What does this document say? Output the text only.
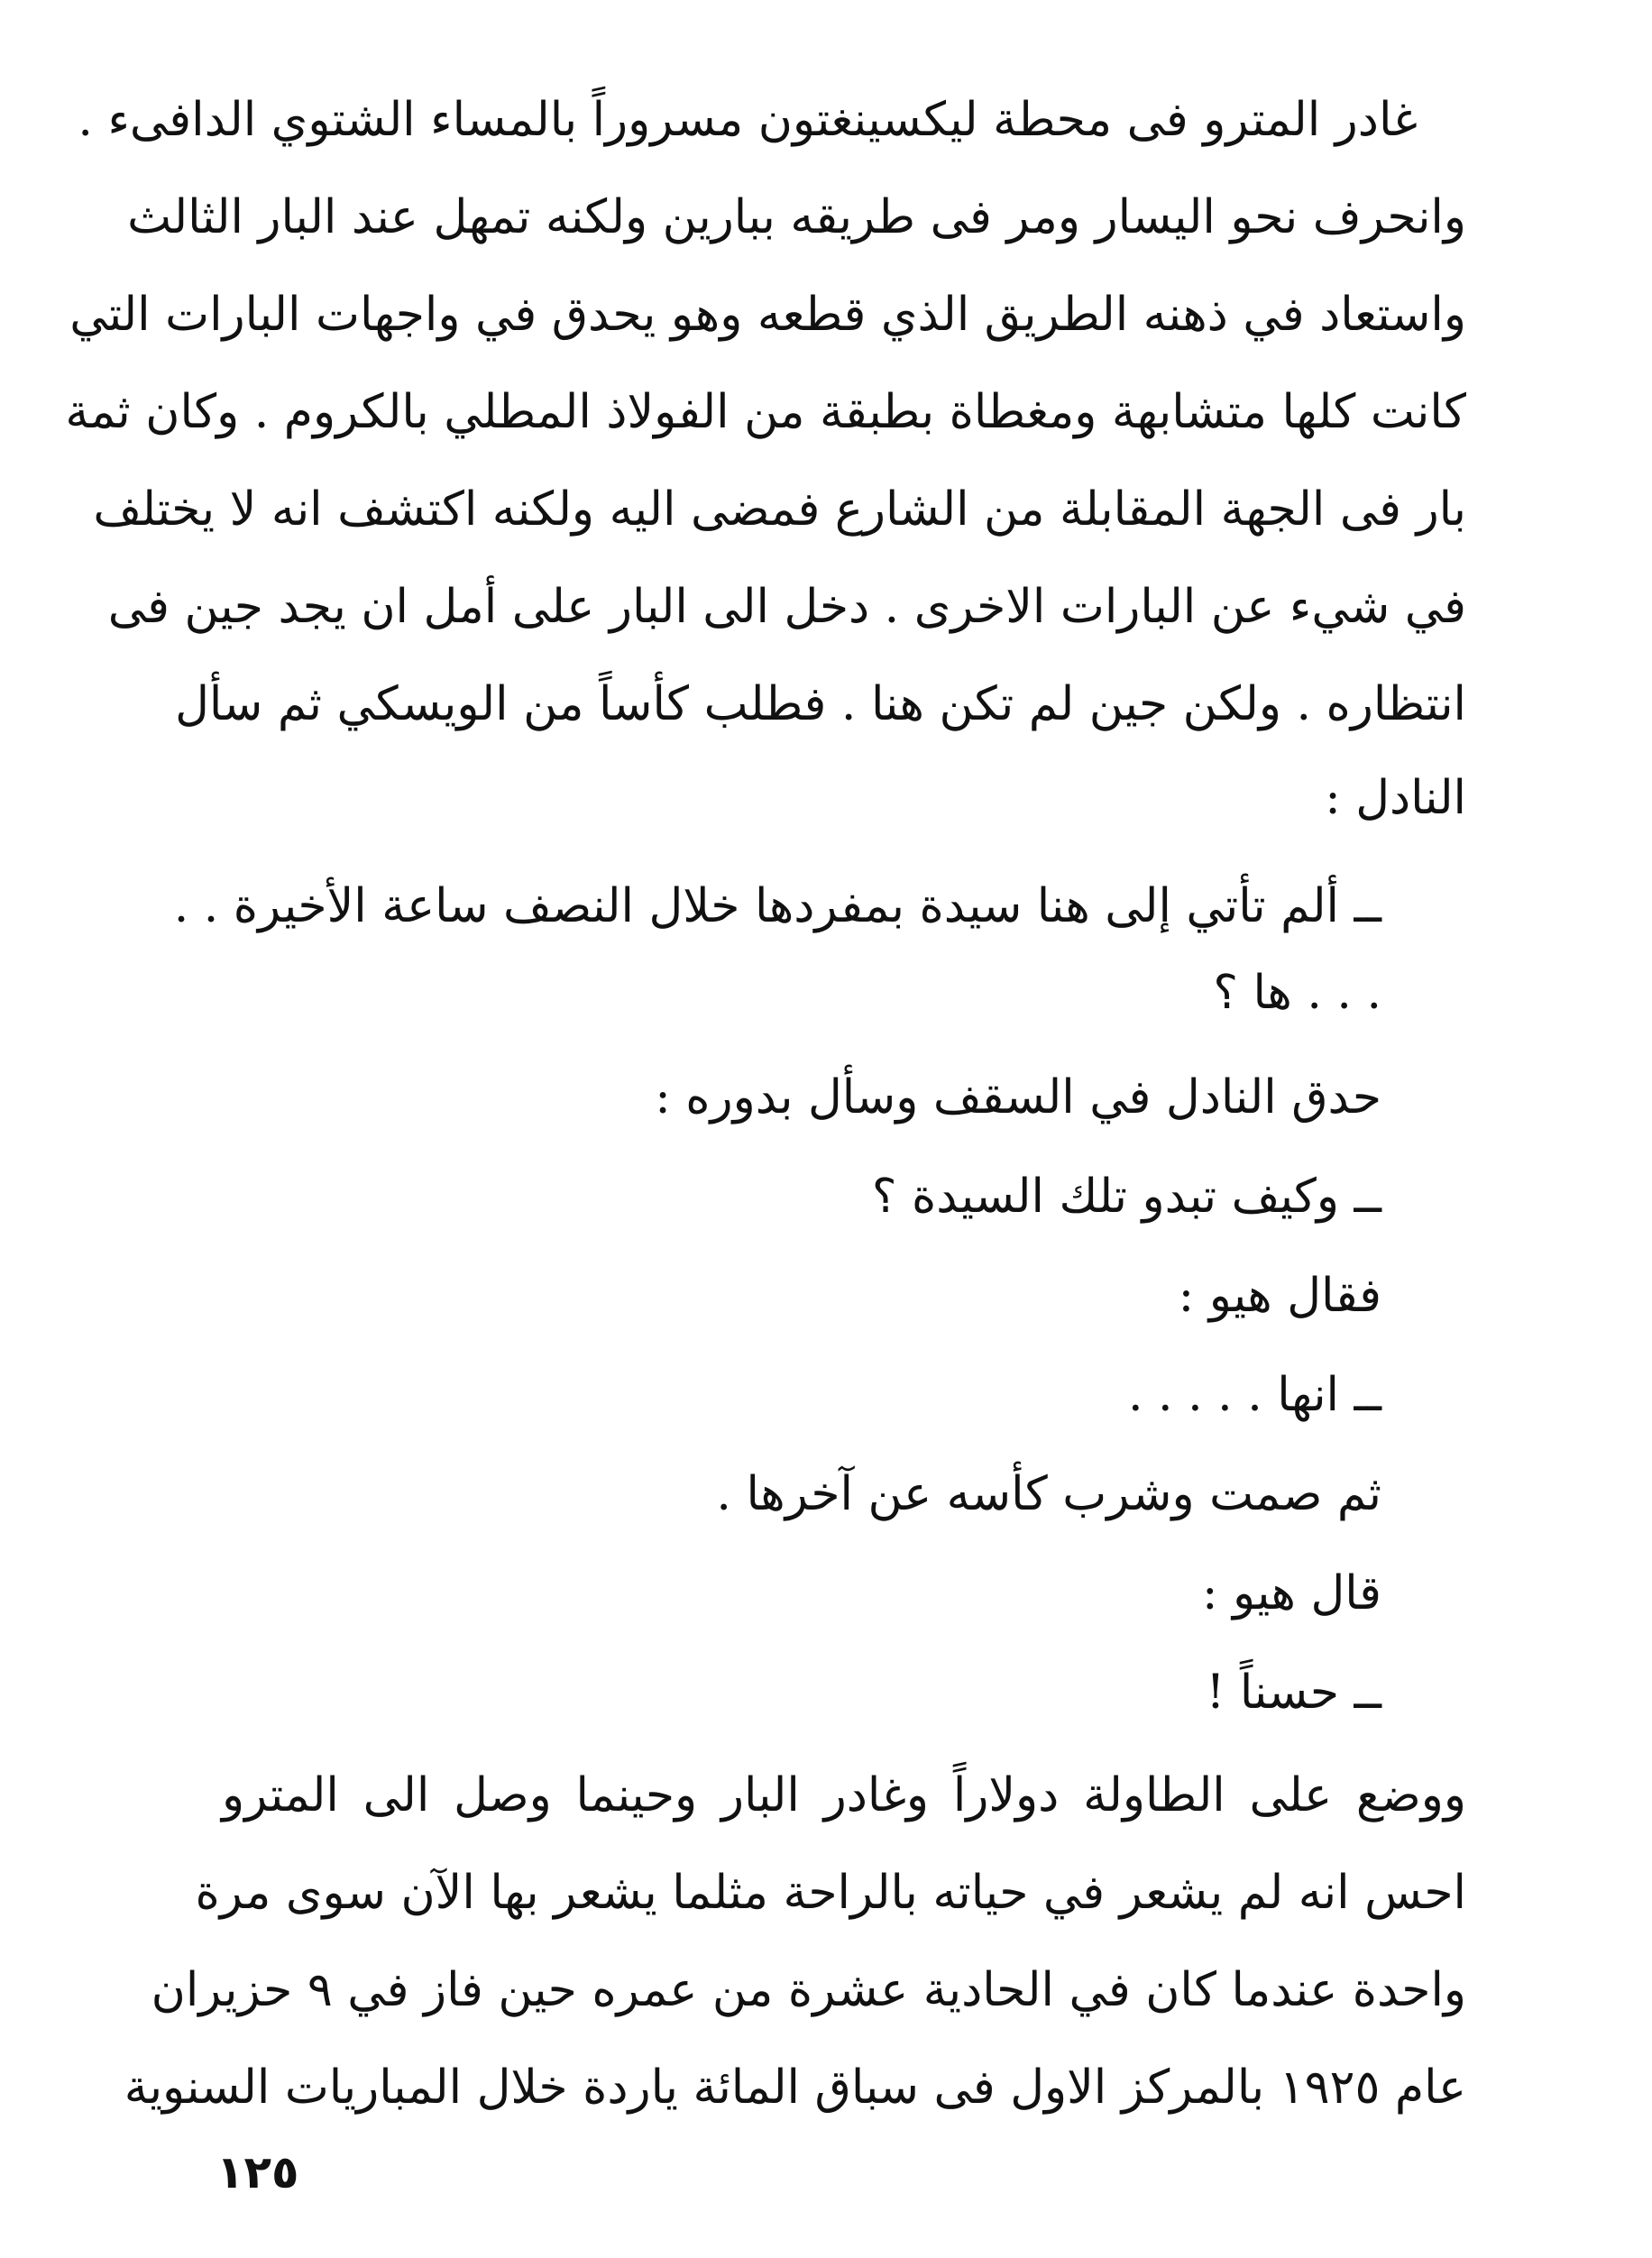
غادر المترو فى محطة ليكسينغتون مسروراً بالمساء الشتوي الدافىء .
وانحرف نحو اليسار ومر فى طريقه ببارين ولكنه تمهل عند البار الثالث
واستعاد في ذهنه الطريق الذي قطعه وهو يحدق في واجهات البارات التي
كانت كلها متشابهة ومغطاة بطبقة من الفولاذ المطلي بالكروم . وكان ثمة
بار فى الجهة المقابلة من الشارع فمضى اليه ولكنه اكتشف انه لا يختلف
في شيء عن البارات الاخرى . دخل الى البار على أمل ان يجد جين فى
انتظاره . ولكن جين لم تكن هنا . فطلب كأساً من الويسكي ثم سأل
النادل :
ــ ألم تأتي إلى هنا سيدة بمفردها خلال النصف ساعة الأخيرة . .
. . . ها ؟
حدق النادل في السقف وسأل بدوره :
ــ وكيف تبدو تلك السيدة ؟
فقال هيو :
ــ انها . . . . .
ثم صمت وشرب كأسه عن آخرها .
قال هيو :
ــ حسناً !
ووضع على الطاولة دولاراً وغادر البار وحينما وصل الى المترو
احس انه لم يشعر في حياته بالراحة مثلما يشعر بها الآن سوى مرة
واحدة عندما كان في الحادية عشرة من عمره حين فاز في ٩ حزيران
عام ١٩٢٥ بالمركز الاول فى سباق المائة ياردة خلال المباريات السنوية
١٢٥
